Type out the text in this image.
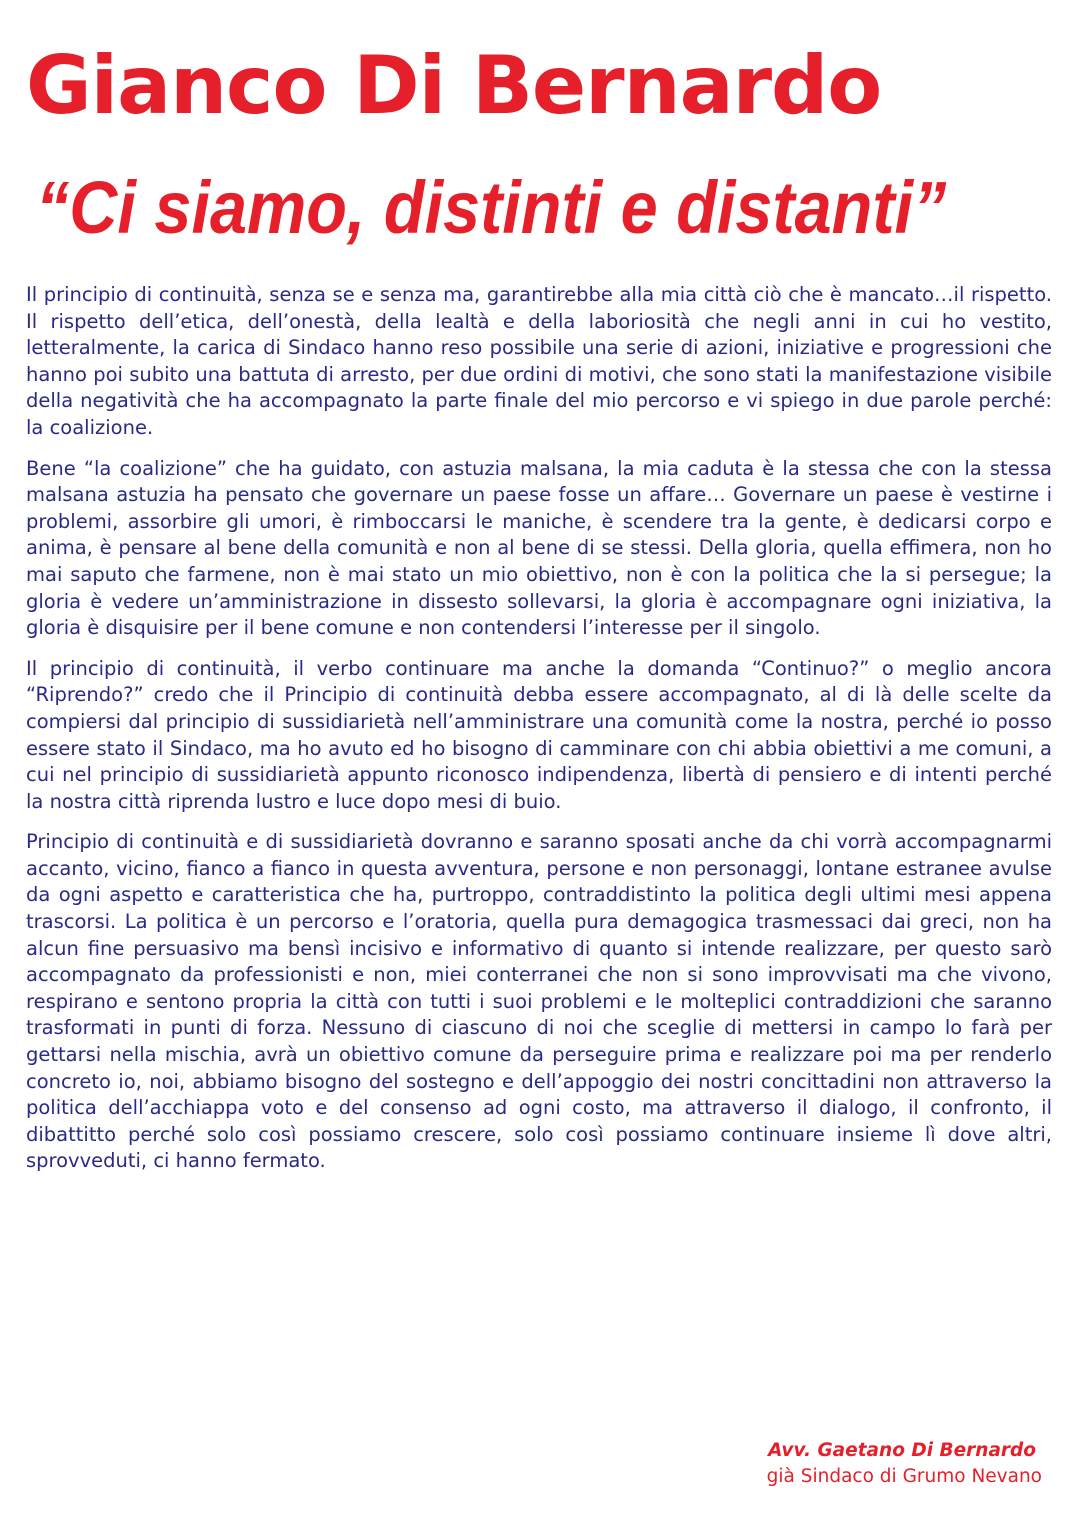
Gianco Di Bernardo
“Ci siamo, distinti e distanti”

Il principio di continuità, senza se e senza ma, garantirebbe alla mia città ciò che è mancato…il rispetto. Il rispetto dell’etica, dell’onestà, della lealtà e della laboriosità che negli anni in cui ho vestito, letteralmente, la carica di Sindaco hanno reso possibile una serie di azioni, iniziative e progressioni che hanno poi subito una battuta di arresto, per due ordini di motivi, che sono stati la manifestazione visibile della negatività che ha accompagnato la parte finale del mio percorso e vi spiego in due parole perché: la coalizione.

Bene “la coalizione” che ha guidato, con astuzia malsana, la mia caduta è la stessa che con la stessa malsana astuzia ha pensato che governare un paese fosse un affare… Governare un paese è vestirne i problemi, assorbire gli umori, è rimboccarsi le maniche, è scendere tra la gente, è dedicarsi corpo e anima, è pensare al bene della comunità e non al bene di se stessi. Della gloria, quella effimera, non ho mai saputo che farmene, non è mai stato un mio obiettivo, non è con la politica che la si persegue; la gloria è vedere un’amministrazione in dissesto sollevarsi, la gloria è accompagnare ogni iniziativa, la gloria è disquisire per il bene comune e non contendersi l’interesse per il singolo.

Il principio di continuità, il verbo continuare ma anche la domanda “Continuo?” o meglio ancora “Riprendo?” credo che il Principio di continuità debba essere accompagnato, al di là delle scelte da compiersi dal principio di sussidiarietà nell’amministrare una comunità come la nostra, perché io posso essere stato il Sindaco, ma ho avuto ed ho bisogno di camminare con chi abbia obiettivi a me comuni, a cui nel principio di sussidiarietà appunto riconosco indipendenza, libertà di pensiero e di intenti perché la nostra città riprenda lustro e luce dopo mesi di buio.

Principio di continuità e di sussidiarietà dovranno e saranno sposati anche da chi vorrà accompagnarmi accanto, vicino, fianco a fianco in questa avventura, persone e non personaggi, lontane estranee avulse da ogni aspetto e caratteristica che ha, purtroppo, contraddistinto la politica degli ultimi mesi appena trascorsi. La politica è un percorso e l’oratoria, quella pura demagogica trasmessaci dai greci, non ha alcun fine persuasivo ma bensì incisivo e informativo di quanto si intende realizzare, per questo sarò accompagnato da professionisti e non, miei conterranei che non si sono improvvisati ma che vivono, respirano e sentono propria la città con tutti i suoi problemi e le molteplici contraddizioni che saranno trasformati in punti di forza. Nessuno di ciascuno di noi che sceglie di mettersi in campo lo farà per gettarsi nella mischia, avrà un obiettivo comune da perseguire prima e realizzare poi ma per renderlo concreto io, noi, abbiamo bisogno del sostegno e dell’appoggio dei nostri concittadini non attraverso la politica dell’acchiappa voto e del consenso ad ogni costo, ma attraverso il dialogo, il confronto, il dibattitto perché solo così possiamo crescere, solo così possiamo continuare insieme lì dove altri, sprovveduti, ci hanno fermato.

Avv. Gaetano Di Bernardo
già Sindaco di Grumo Nevano
